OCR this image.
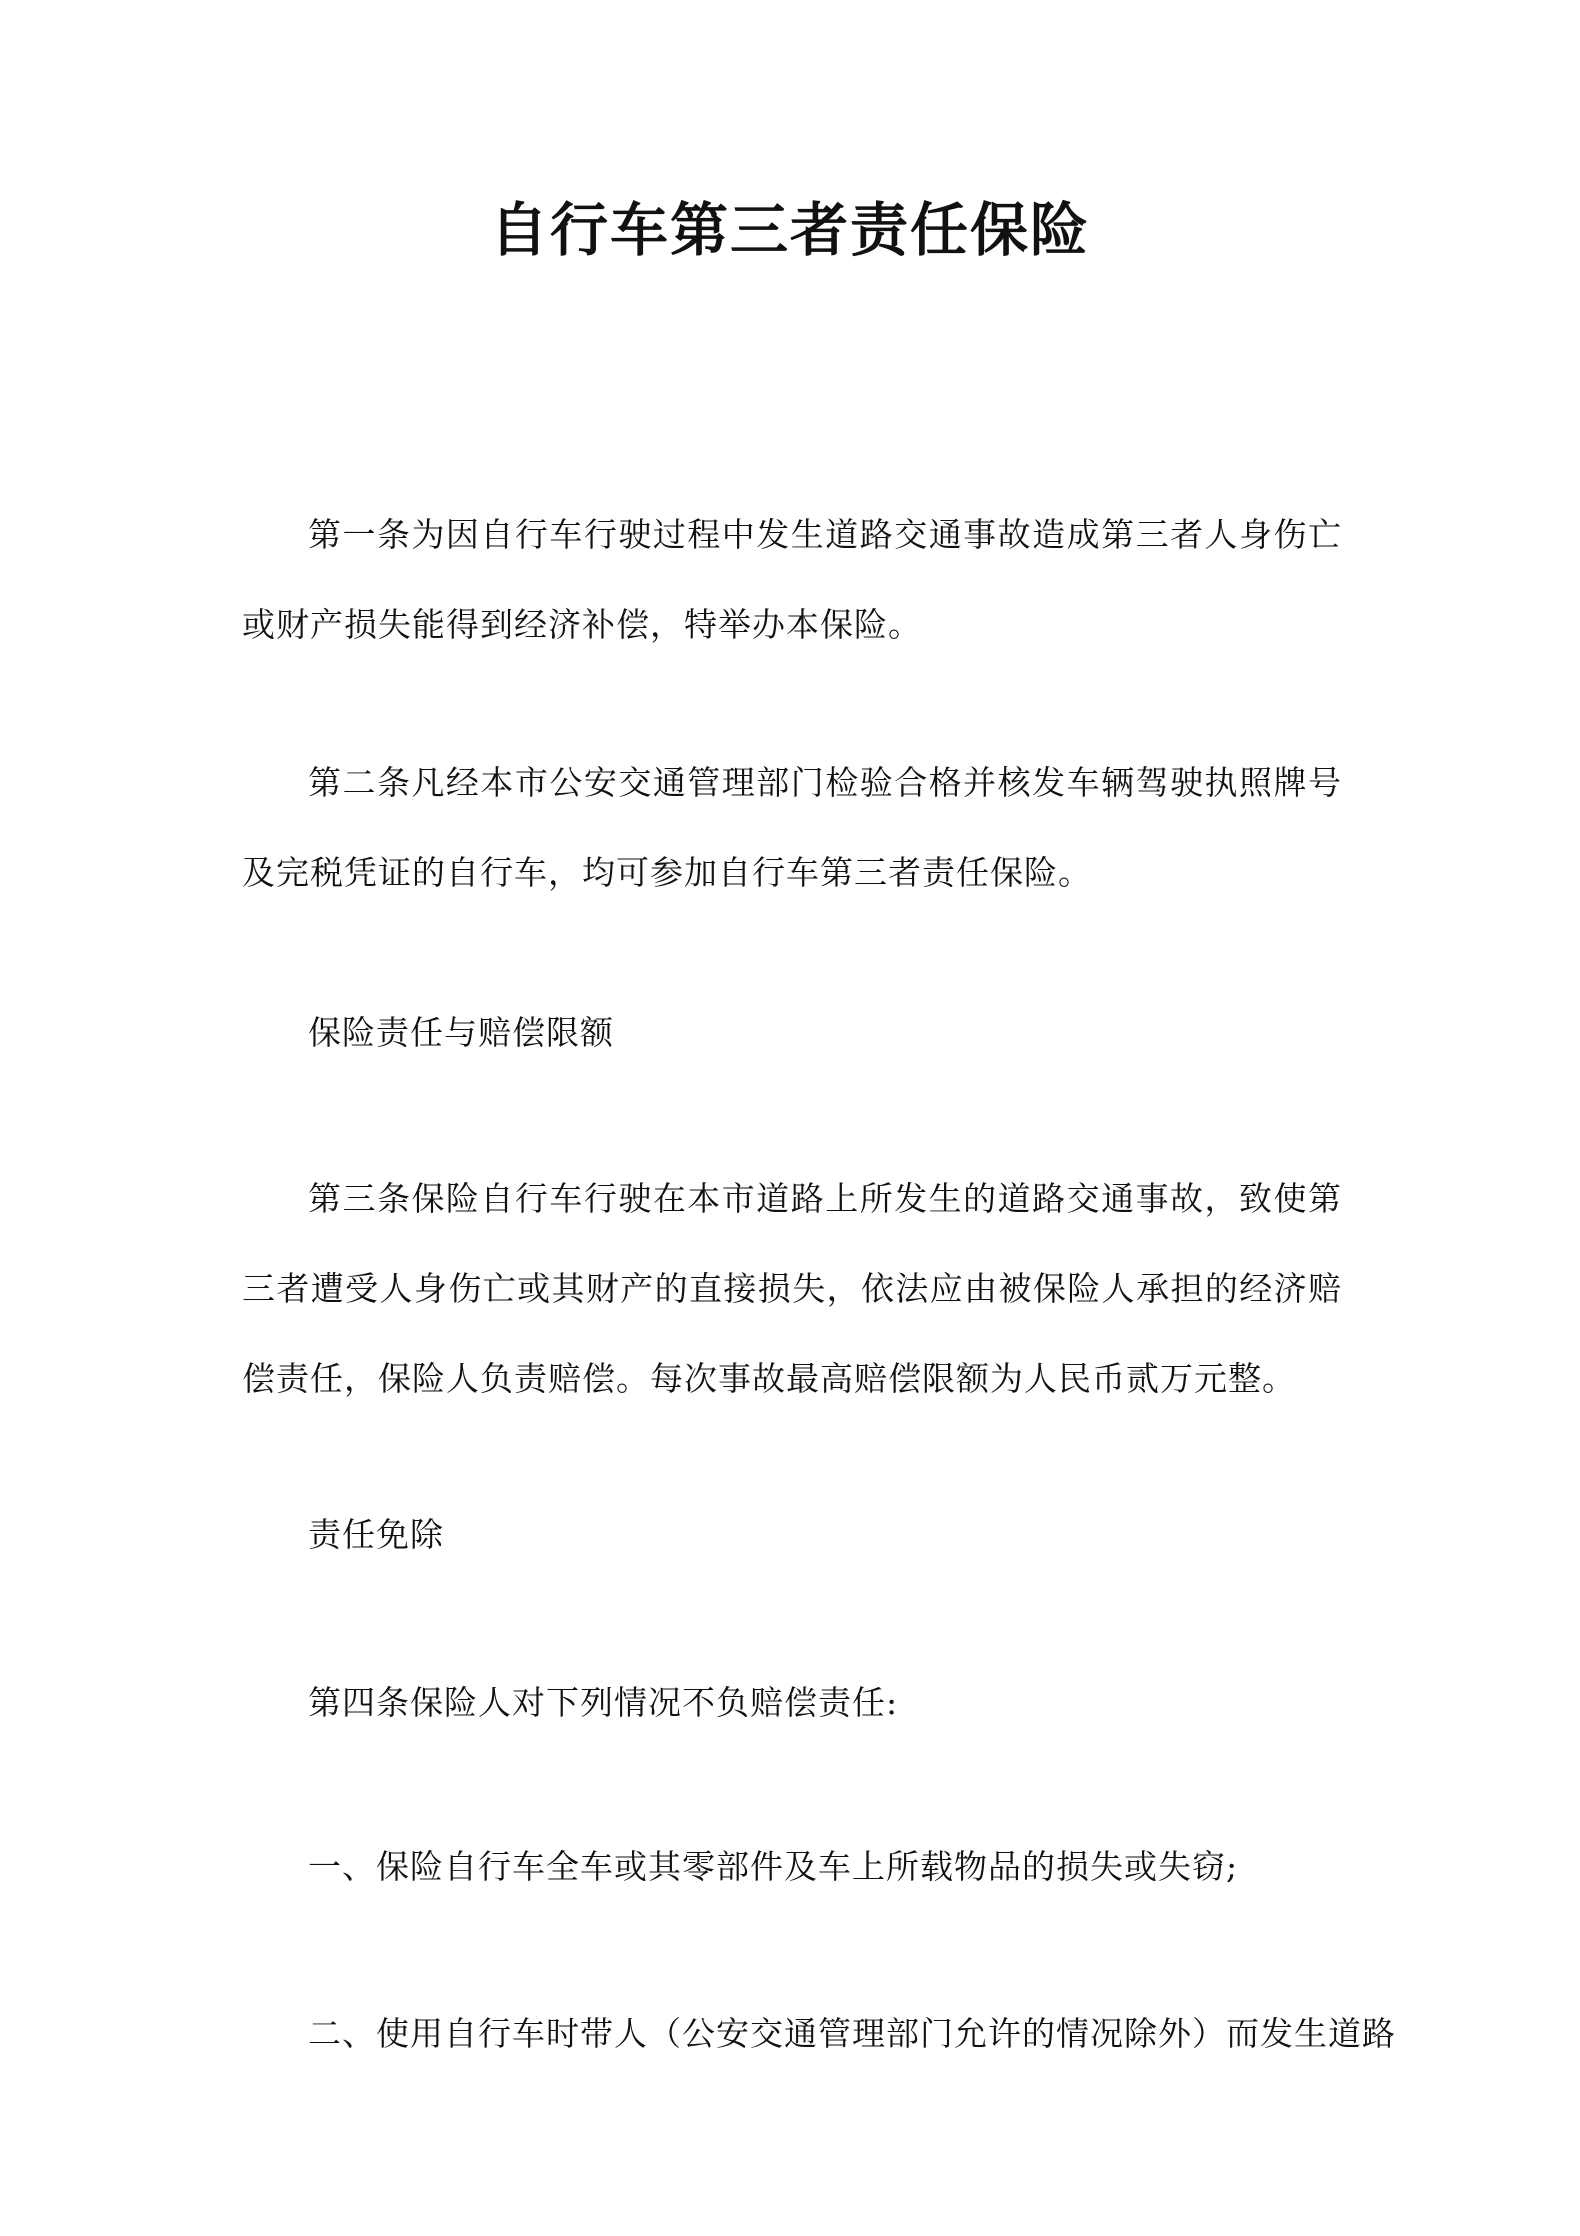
自行车第三者责任保险

第一条为因自行车行驶过程中发生道路交通事故造成第三者人身伤亡或财产损失能得到经济补偿，特举办本保险。

第二条凡经本市公安交通管理部门检验合格并核发车辆驾驶执照牌号及完税凭证的自行车，均可参加自行车第三者责任保险。

保险责任与赔偿限额

第三条保险自行车行驶在本市道路上所发生的道路交通事故，致使第三者遭受人身伤亡或其财产的直接损失，依法应由被保险人承担的经济赔偿责任，保险人负责赔偿。每次事故最高赔偿限额为人民币贰万元整。

责任免除

第四条保险人对下列情况不负赔偿责任:

一、保险自行车全车或其零部件及车上所载物品的损失或失窃;

二、使用自行车时带人（公安交通管理部门允许的情况除外）而发生道路
